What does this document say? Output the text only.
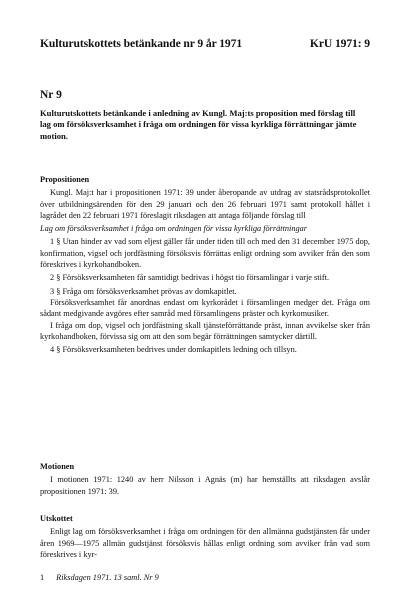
Kulturutskottets betänkande nr 9 år 1971	KrU 1971: 9
Nr 9
Kulturutskottets betänkande i anledning av Kungl. Maj:ts proposition med förslag till lag om försöksverksamhet i fråga om ordningen för vissa kyrkliga förrättningar jämte motion.

Propositionen

Kungl. Maj:t har i propositionen 1971: 39 under åberopande av utdrag av statsrådsprotokollet över utbildningsärenden för den 29 januari och den 26 februari 1971 samt protokoll hållet i lagrådet den 22 februari 1971 föreslagit riksdagen att antaga följande förslag till

Lag om försöksverksamhet i fråga om ordningen för vissa kyrkliga förrättningar

1 § Utan hinder av vad som eljest gäller får under tiden till och med den 31 december 1975 dop, konfirmation, vigsel och jordfästning försöksvis förrättas enligt ordning som avviker från den som föreskrives i kyrkohandboken.

2 § Försöksverksamheten får samtidigt bedrivas i högst tio församlingar i varje stift.

3 § Fråga om försöksverksamhet prövas av domkapitlet.

Försöksverksamhet får anordnas endast om kyrkorådet i församlingen medger det. Fråga om sådant medgivande avgöres efter samråd med församlingens präster och kyrkomusiker.

I fråga om dop, vigsel och jordfästning skall tjänsteförrättande präst, innan avvikelse sker från kyrkohandboken, förvissa sig om att den som begär förrättningen samtycker därtill.

4 § Försöksverksamheten bedrives under domkapitlets ledning och tillsyn.

Motionen

I motionen 1971: 1240 av herr Nilsson i Agnäs (m) har hemställts att riksdagen avslår propositionen 1971: 39.

Utskottet

Enligt lag om försöksverksamhet i fråga om ordningen för den allmänna gudstjänsten får under åren 1969—1975 allmän gudstjänst försöksvis hållas enligt ordning som avviker från vad som föreskrives i kyr-

1 Riksdagen 1971. 13 saml. Nr 9
